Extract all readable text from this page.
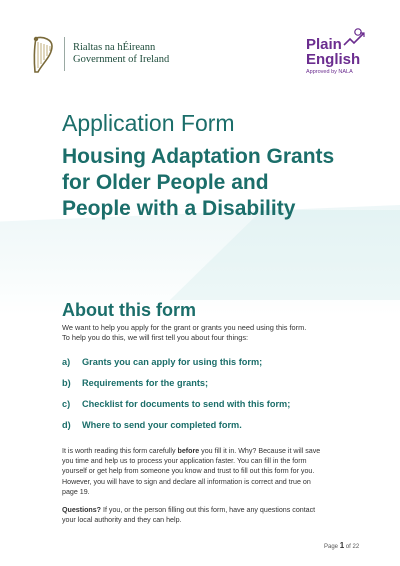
Rialtas na hÉireann
Government of Ireland
Plain
English
Approved by NALA
Application Form
Housing Adaptation Grants
for Older People and
People with a Disability
About this form
We want to help you apply for the grant or grants you need using this form.
To help you do this, we will first tell you about four things:
a)	Grants you can apply for using this form;
b)	Requirements for the grants;
c)	Checklist for documents to send with this form;
d)	Where to send your completed form.
It is worth reading this form carefully before you fill it in. Why? Because it will save
you time and help us to process your application faster. You can fill in the form
yourself or get help from someone you know and trust to fill out this form for you.
However, you will have to sign and declare all information is correct and true on
page 19.
Questions? If you, or the person filling out this form, have any questions contact
your local authority and they can help.
Page 1 of 22
